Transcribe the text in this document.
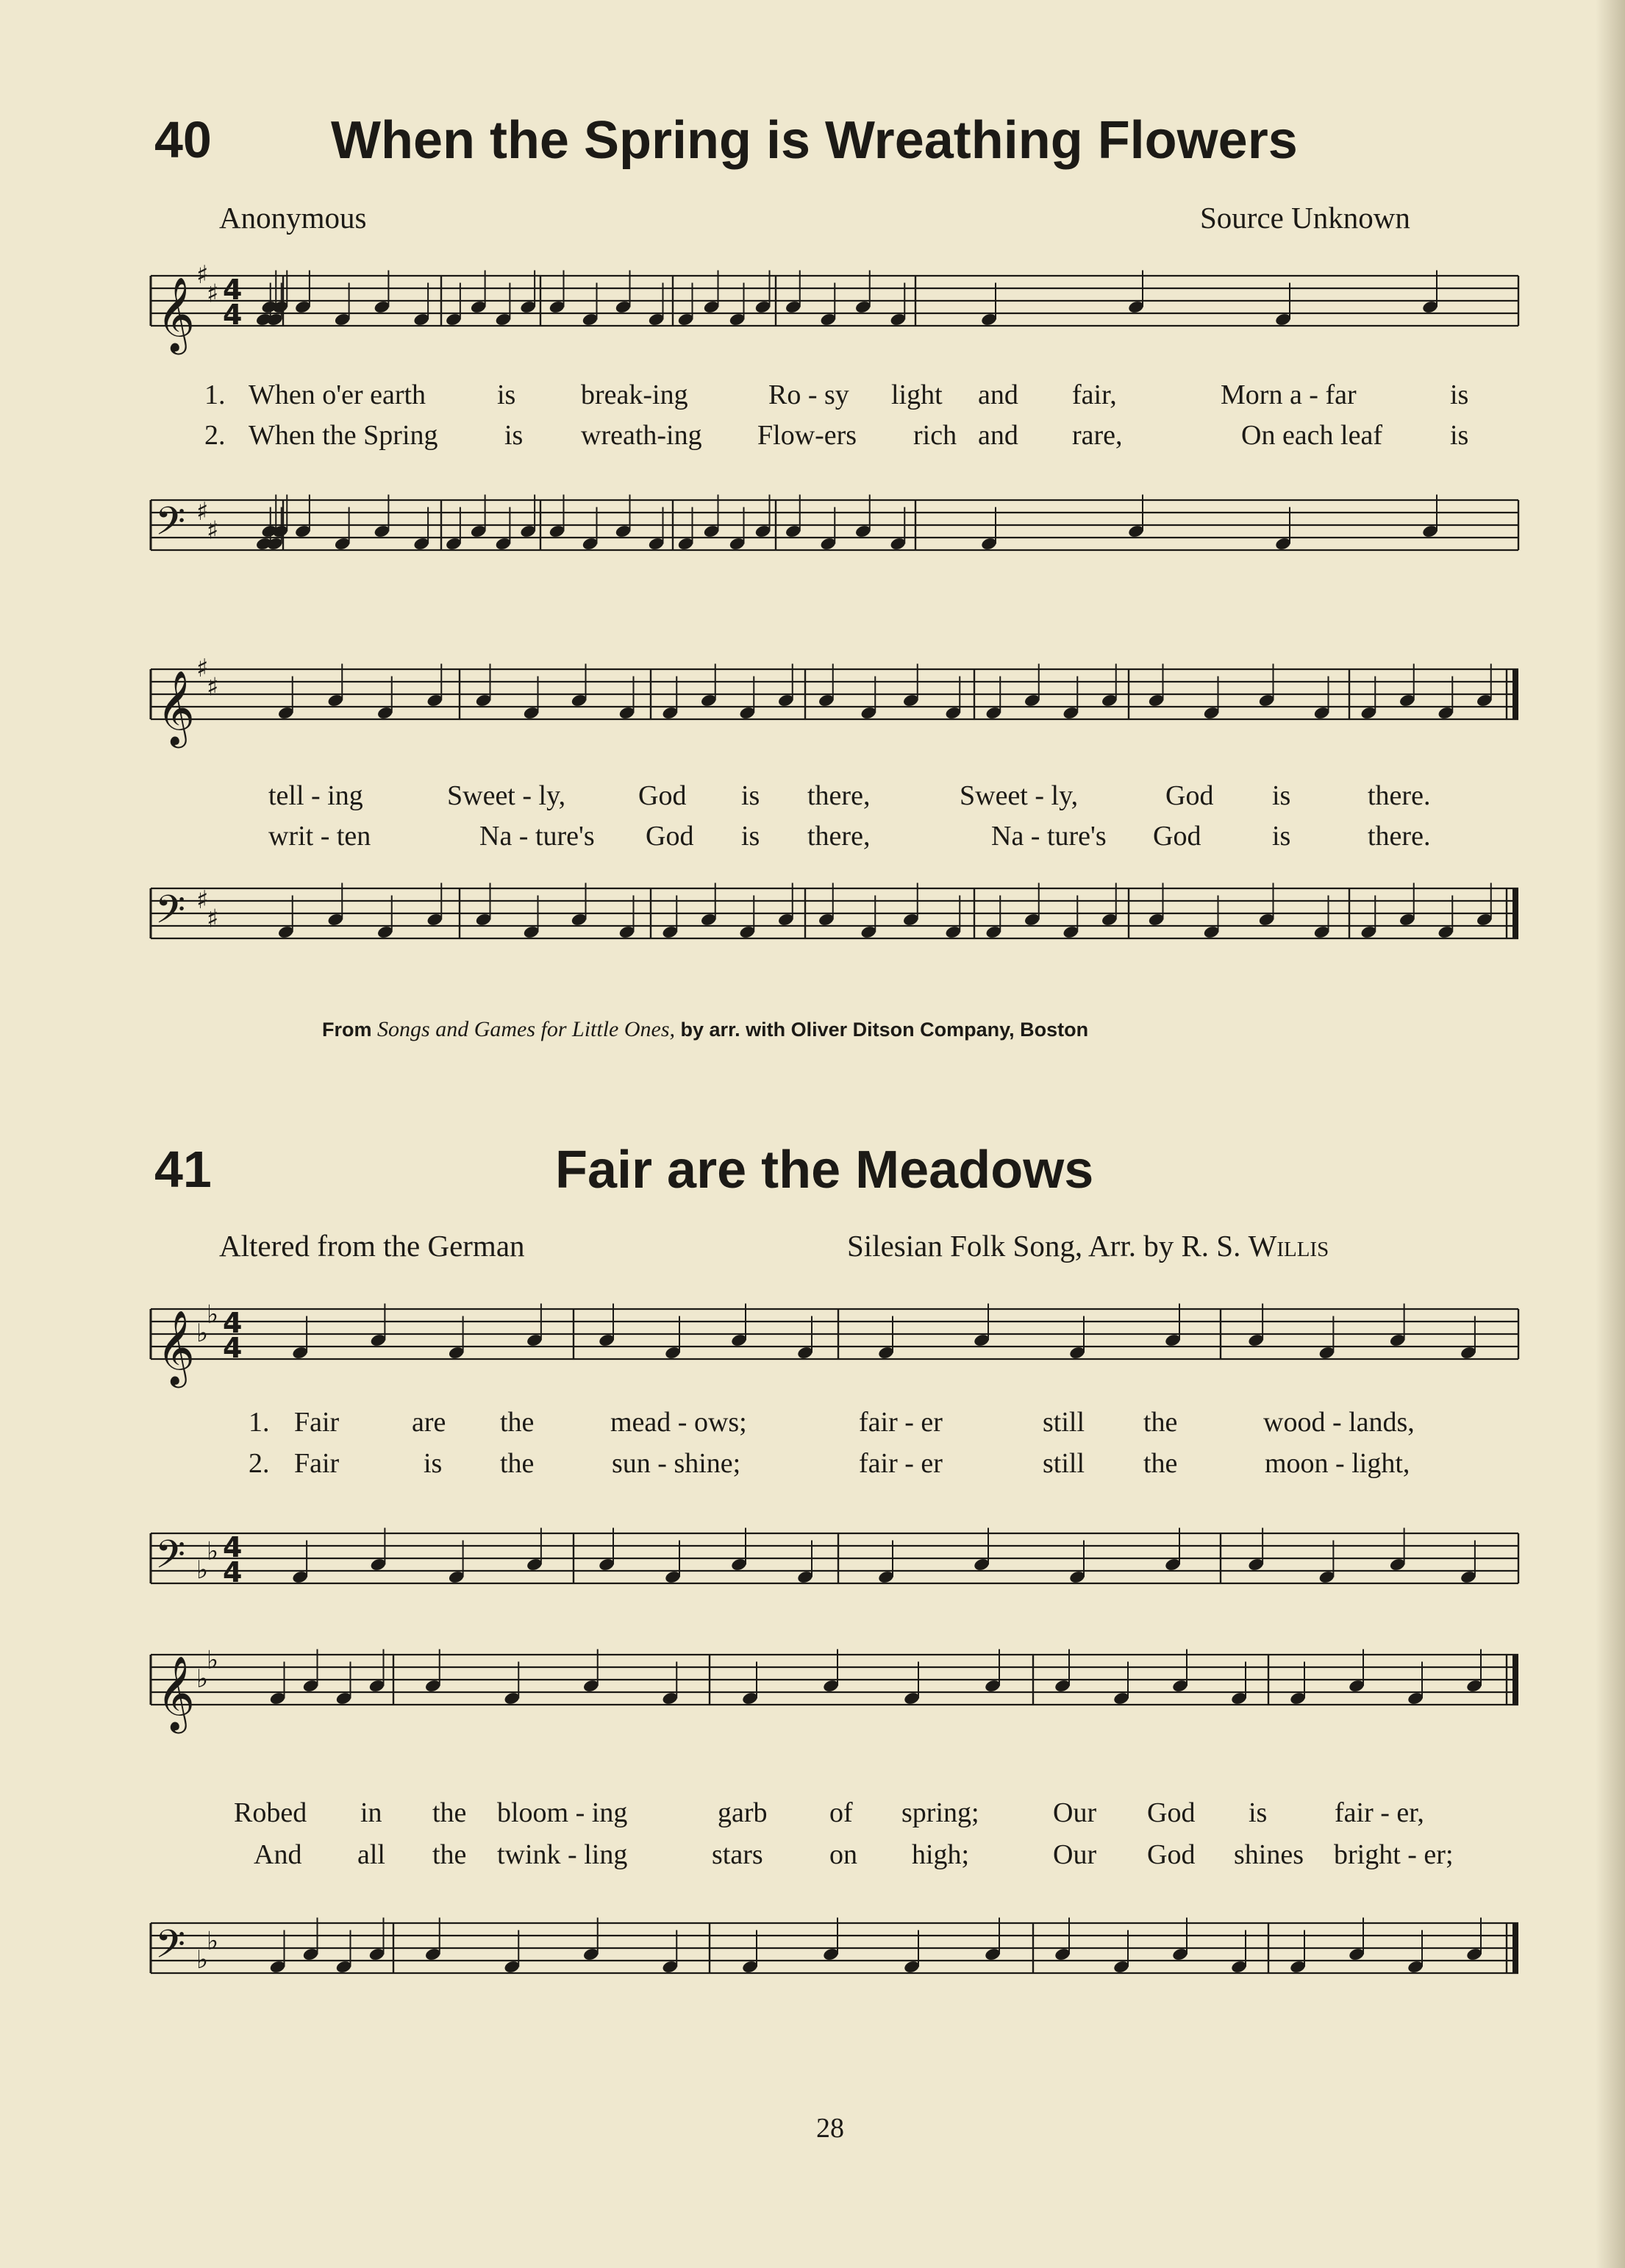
40 When the Spring is Wreathing Flowers
Anonymous	Source Unknown
𝄞
♯
♯ 4
4
1. When o'er earth	is break-ing	Ro - sy light and fair,	Morn a - far	is
2. When the Spring is wreath-ing Flow-ers rich and rare,	On each leaf is
𝄢 ♯
♯
𝄞
♯
♯
tell - ing	Sweet - ly,	God is there,	Sweet - ly,	God is	there.
writ - ten	Na - ture's God is there,	Na - ture's God	is	there.
𝄢 ♯
♯
From Songs and Games for Little Ones, by arr. with Oliver Ditson Company, Boston
41	Fair are the Meadows
Altered from the German	Silesian Folk Song, Arr. by R. S. Willis
𝄞 ♭
♭ 4
4
1. Fair	are the	mead - ows;	fair - er	still the	wood - lands,
2. Fair	is the	sun - shine;	fair - er	still the	moon - light,
𝄢 ♭
♭ 4
4
𝄞 ♭
♭
Robed in the bloom - ing	garb of spring;	Our God is fair - er,
And all the twink - ling	stars on high;	Our God shines bright - er;
𝄢 ♭
♭
28
